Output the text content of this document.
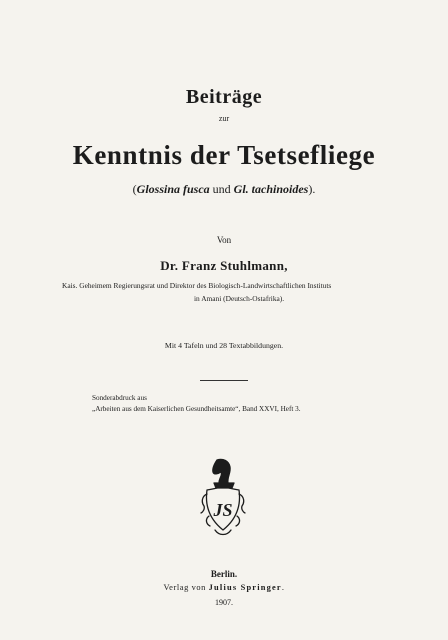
Beiträge
zur
Kenntnis der Tsetsefliege
(Glossina fusca und Gl. tachinoides).
Von
Dr. Franz Stuhlmann,
Kais. Geheimem Regierungsrat und Direktor des Biologisch-Landwirtschaftlichen Instituts
in Amani (Deutsch-Ostafrika).
Mit 4 Tafeln und 28 Textabbildungen.
Sonderabdruck aus
„Arbeiten aus dem Kaiserlichen Gesundheitsamte“, Band XXVI, Heft 3.
JS
Berlin.
Verlag von Julius Springer.
1907.
